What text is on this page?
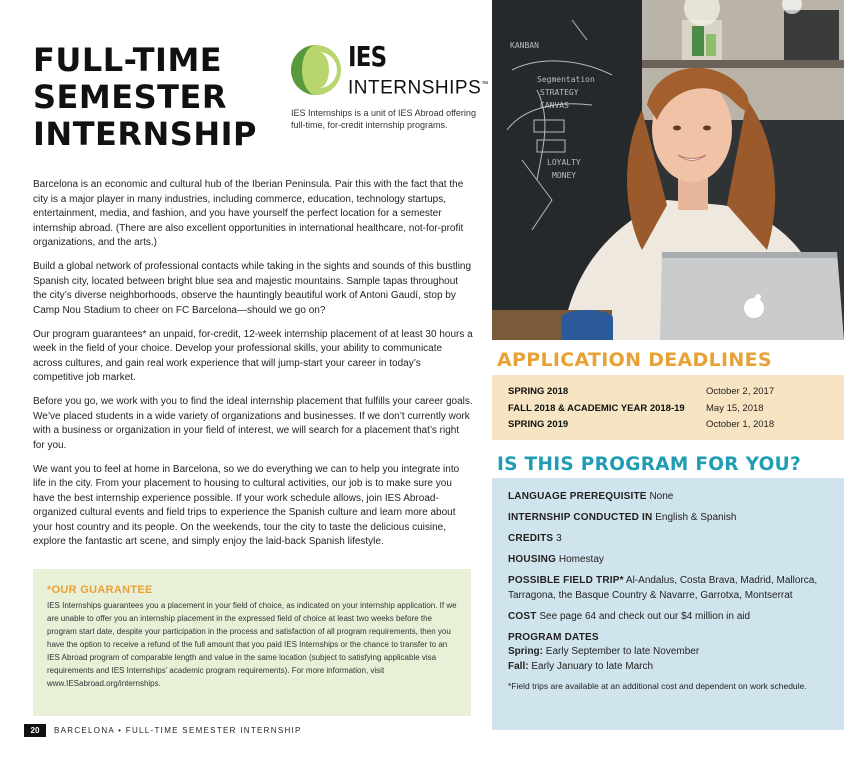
FULL-TIME
SEMESTER
INTERNSHIP
IES
INTERNSHIPS™
IES Internships is a unit of IES Abroad offering full-time, for-credit internship programs.

Barcelona is an economic and cultural hub of the Iberian Peninsula. Pair this with the fact that the city is a major player in many industries, including commerce, education, technology startups, entertainment, media, and fashion, and you have yourself the perfect location for a semester internship abroad. (There are also excellent opportunities in international healthcare, not-for-profit organizations, and the arts.)

Build a global network of professional contacts while taking in the sights and sounds of this bustling Spanish city, located between bright blue sea and majestic mountains. Sample tapas throughout the city’s diverse neighborhoods, observe the hauntingly beautiful work of Antoni Gaudí, stop by Camp Nou Stadium to cheer on FC Barcelona—should we go on?

Our program guarantees* an unpaid, for-credit, 12-week internship placement of at least 30 hours a week in the field of your choice. Develop your professional skills, your ability to communicate across cultures, and gain real work experience that will jump-start your career in today’s competitive job market.

Before you go, we work with you to find the ideal internship placement that fulfills your career goals. We’ve placed students in a wide variety of organizations and businesses. If we don’t currently work with a business or organization in your field of interest, we will search for a placement that’s right for you.

We want you to feel at home in Barcelona, so we do everything we can to help you integrate into life in the city. From your placement to housing to cultural activities, our job is to make sure you have the best internship experience possible. If your work schedule allows, join IES Abroad-organized cultural events and field trips to experience the Spanish culture and learn more about your host country and its people. On the weekends, tour the city to taste the delicious cuisine, explore the fantastic art scene, and simply enjoy the laid-back Spanish lifestyle.

*OUR GUARANTEE

IES Internships guarantees you a placement in your field of choice, as indicated on your internship application. If we are unable to offer you an internship placement in the expressed field of choice at least two weeks before the program start date, despite your participation in the process and satisfaction of all program requirements, then you have the option to receive a refund of the full amount that you paid IES Internships or the chance to transfer to an IES Abroad program of comparable length and value in the same location (subject to satisfying applicable visa requirements and IES Internships’ academic program requirements). For more information, visit www.IESabroad.org/internships.

20	BARCELONA • FULL-TIME SEMESTER INTERNSHIP
KANBAN
Segmentation
STRATEGY
CANVAS
LOYALTY
MONEY
APPLICATION DEADLINES
SPRING 2018	October 2, 2017
FALL 2018 & ACADEMIC YEAR 2018-19 May 15, 2018
SPRING 2019	October 1, 2018
IS THIS PROGRAM FOR YOU?
LANGUAGE PREREQUISITE None
INTERNSHIP CONDUCTED IN English & Spanish
CREDITS 3
HOUSING Homestay
POSSIBLE FIELD TRIP* Al-Andalus, Costa Brava, Madrid, Mallorca, Tarragona, the Basque Country & Navarre, Garrotxa, Montserrat
COST See page 64 and check out our $4 million in aid
PROGRAM DATES
Spring: Early September to late November
Fall: Early January to late March
*Field trips are available at an additional cost and dependent on work schedule.
